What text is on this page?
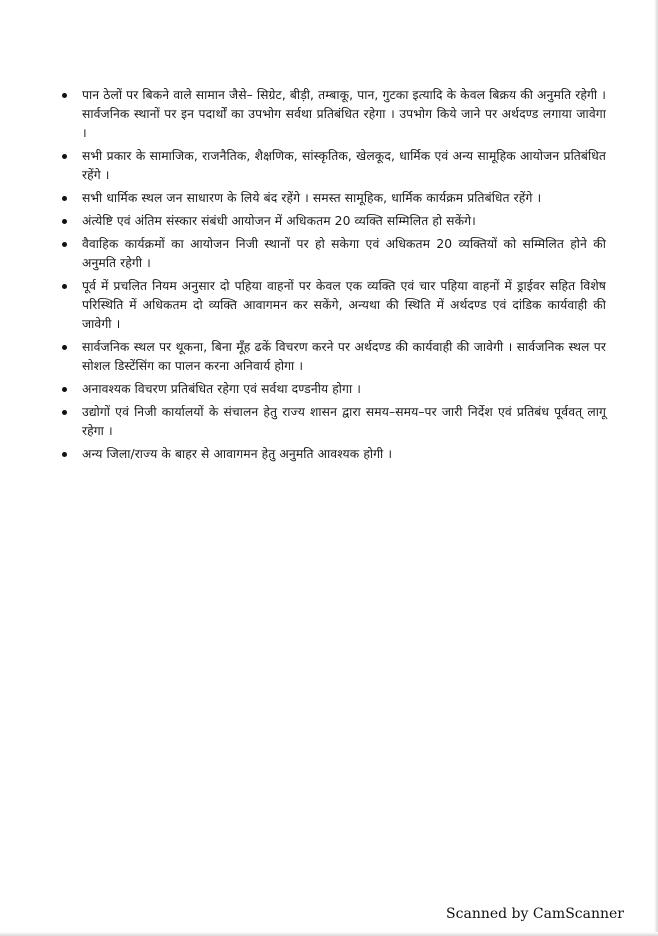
पान ठेलों पर बिकने वाले सामान जैसे– सिग्रेट, बीड़ी, तम्बाकू, पान, गुटका इत्यादि के केवल बिक्रय की अनुमति रहेगी । सार्वजनिक स्थानों पर इन पदार्थों का उपभोग सर्वथा प्रतिबंधित रहेगा । उपभोग किये जाने पर अर्थदण्ड लगाया जावेगा ।
सभी प्रकार के सामाजिक, राजनैतिक, शैक्षणिक, सांस्कृतिक, खेलकूद, धार्मिक एवं अन्य सामूहिक आयोजन प्रतिबंधित रहेंगे ।
सभी धार्मिक स्थल जन साधारण के लिये बंद रहेंगे । समस्त सामूहिक, धार्मिक कार्यक्रम प्रतिबंधित रहेंगे ।
अंत्येष्टि एवं अंतिम संस्कार संबंधी आयोजन में अधिकतम 20 व्यक्ति सम्मिलित हो सकेंगे।
वैवाहिक कार्यक्रमों का आयोजन निजी स्थानों पर हो सकेगा एवं अधिकतम 20 व्यक्तियों को सम्मिलित होने की अनुमति रहेगी ।
पूर्व में प्रचलित नियम अनुसार दो पहिया वाहनों पर केवल एक व्यक्ति एवं चार पहिया वाहनों में ड्राईवर सहित विशेष परिस्थिति में अधिकतम दो व्यक्ति आवागमन कर सकेंगे, अन्यथा की स्थिति में अर्थदण्ड एवं दांडिक कार्यवाही की जावेगी ।
सार्वजनिक स्थल पर थूकना, बिना मूँह ढकें विचरण करने पर अर्थदण्ड की कार्यवाही की जावेगी । सार्वजनिक स्थल पर सोशल डिस्टेंसिंग का पालन करना अनिवार्य होगा ।
अनावश्यक विचरण प्रतिबंधित रहेगा एवं सर्वथा दण्डनीय होगा ।
उद्योगों एवं निजी कार्यालयों के संचालन हेतु राज्य शासन द्वारा समय–समय–पर जारी निर्देश एवं प्रतिबंध पूर्ववत् लागू रहेगा ।
अन्य जिला/राज्य के बाहर से आवागमन हेतु अनुमति आवश्यक होगी ।
Scanned by CamScanner
